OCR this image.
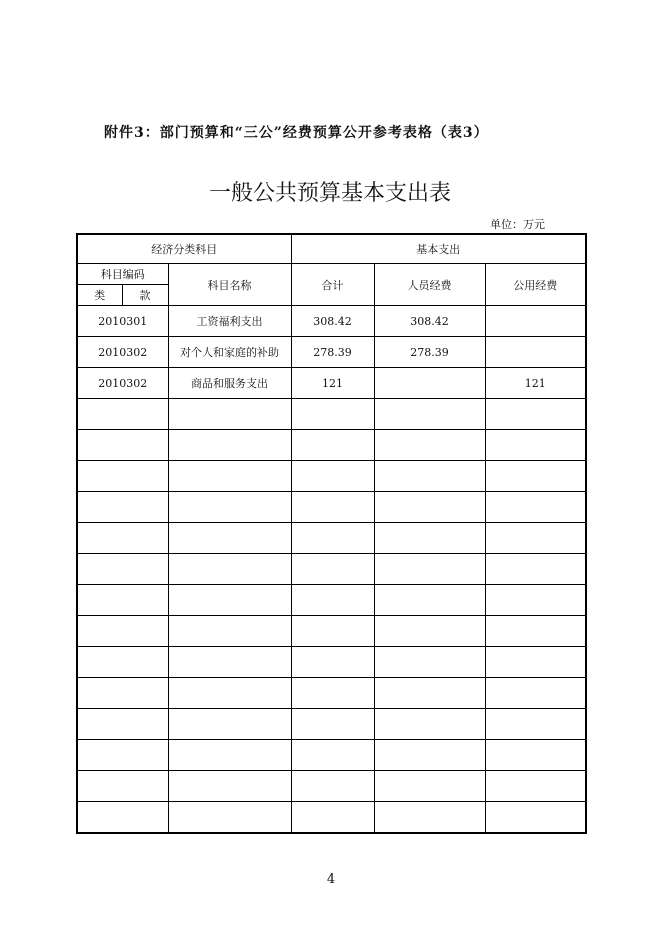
附件3：部门预算和“三公”经费预算公开参考表格（表3）
一般公共预算基本支出表
单位：万元
经济分类科目			基本支出		
科目编码		科目名称	合计	人员经费	公用经费
类	款				
2010301		工资福利支出	308.42	308.42	
2010302		对个人和家庭的补助	278.39	278.39	
2010302		商品和服务支出	121		121

4
